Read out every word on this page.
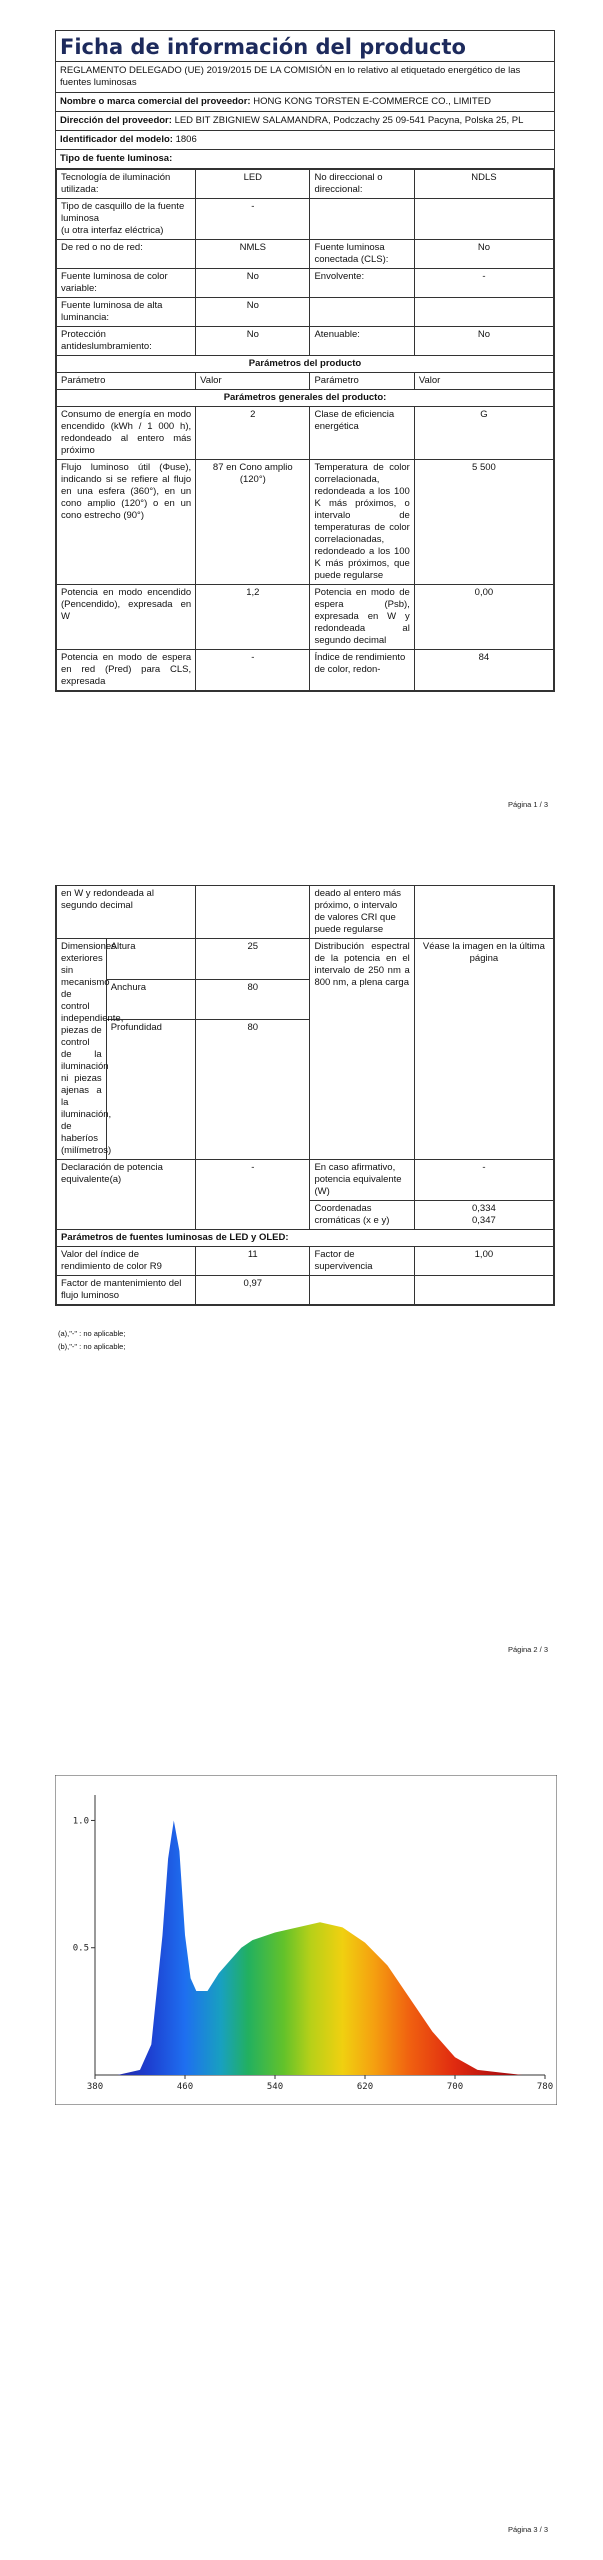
Ficha de información del producto
REGLAMENTO DELEGADO (UE) 2019/2015 DE LA COMISIÓN en lo relativo al etiquetado energético de las fuentes luminosas
Nombre o marca comercial del proveedor: HONG KONG TORSTEN E-COMMERCE CO., LIMITED
Dirección del proveedor: LED BIT ZBIGNIEW SALAMANDRA, Podczachy 25 09-541 Pacyna, Polska 25, PL
Identificador del modelo: 1806
Tipo de fuente luminosa:
Tecnología de iluminación utilizada:	LED	No direccional o direccional:	NDLS
Tipo de casquillo de la fuente luminosa
(u otra interfaz eléctrica)	-		
De red o no de red:	NMLS	Fuente luminosa conectada (CLS):	No
Fuente luminosa de color variable:	No	Envolvente:	-
Fuente luminosa de alta luminancia:	No		
Protección antideslumbramiento:	No	Atenuable:	No
Parámetros del producto			
Parámetro	Valor	Parámetro	Valor
Parámetros generales del producto:			
Consumo de energía en modo encendido (kWh / 1 000 h), redondeado al entero más próximo	2	Clase de eficiencia energética	G
Flujo luminoso útil (Φuse), indicando si se refiere al flujo en una esfera (360°), en un cono amplio (120°) o en un cono estrecho (90°)	87 en Cono amplio (120°)	Temperatura de color correlacionada, redondeada a los 100 K más próximos, o intervalo de temperaturas de color correlacionadas, redondeado a los 100 K más próximos, que puede regularse	5 500
Potencia en modo encendido (Pencendido), expresada en W	1,2	Potencia en modo de espera (Psb), expresada en W y redondeada al segundo decimal	0,00
Potencia en modo de espera en red (Pred) para CLS, expresada	-	Índice de rendimiento de color, redon-	84
Página 1 / 3
en W y redondeada al segundo decimal			deado al entero más próximo, o intervalo de valores CRI que puede regularse	
Dimensiones exteriores sin mecanismo de control independiente, piezas de control de la iluminación ni piezas ajenas a la iluminación, de haberíos (milímetros)	Altura	25	Distribución espectral de la potencia en el intervalo de 250 nm a 800 nm, a plena carga	Véase la imagen en la última página
	Anchura	80		
	Profundidad	80		
Declaración de potencia equivalente(a)		-	En caso afirmativo, potencia equivalente (W)	-
			Coordenadas cromáticas (x e y)	0,334
0,347
Parámetros de fuentes luminosas de LED y OLED:				
Valor del índice de rendimiento de color R9		11	Factor de supervivencia	1,00
Factor de mantenimiento del flujo luminoso		0,97		
(a),"-" : no aplicable;
(b),"-" : no aplicable;
Página 2 / 3
380	460	540	620	700	780
0.5
1.0
Página 3 / 3
